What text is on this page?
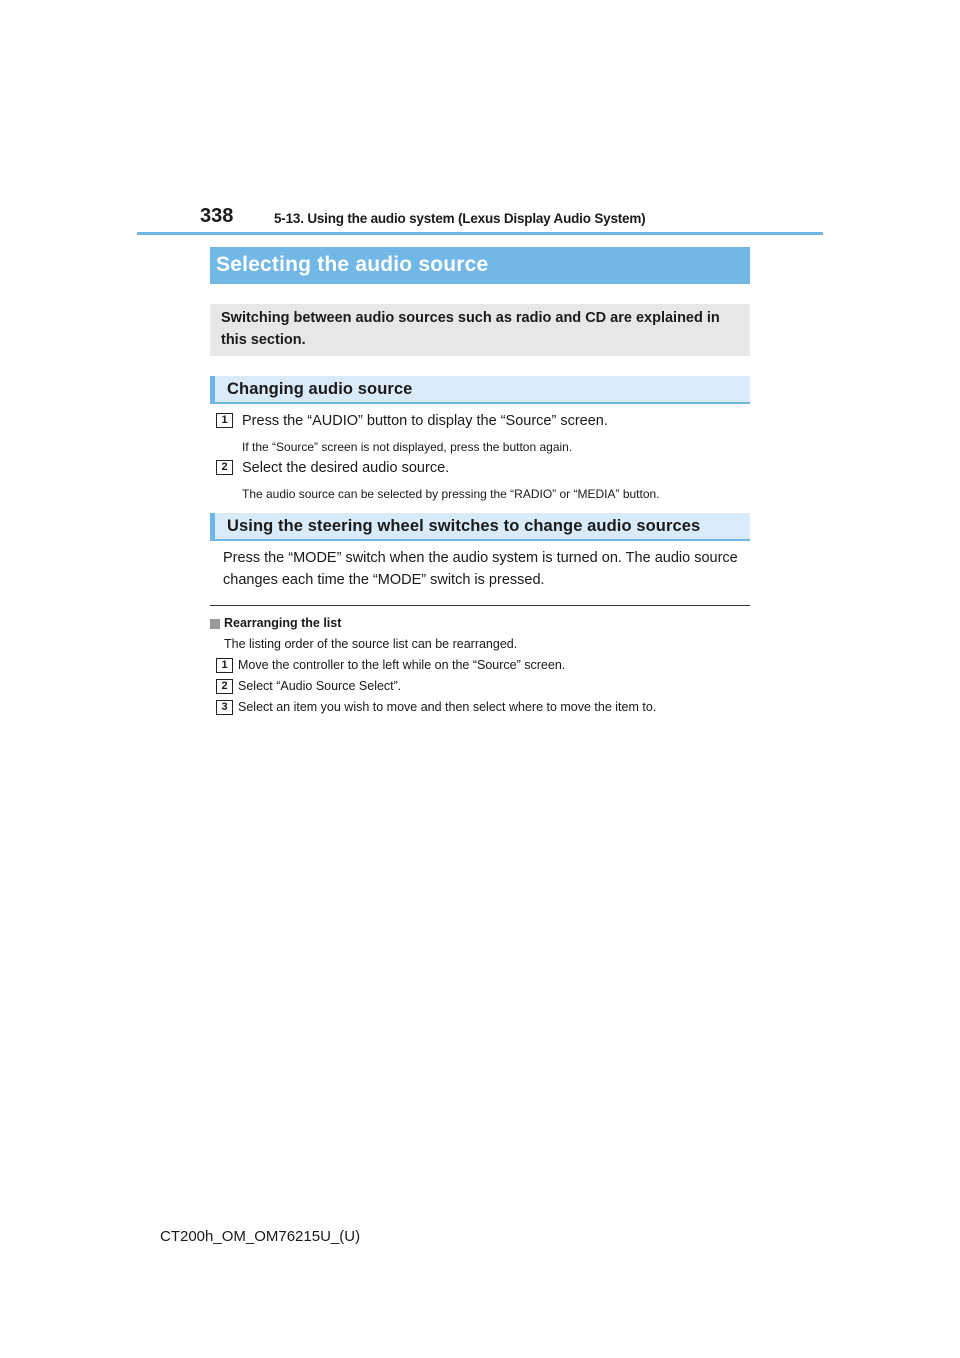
338	5-13. Using the audio system (Lexus Display Audio System)
Selecting the audio source
Switching between audio sources such as radio and CD are explained in this section.
Changing audio source
1 Press the “AUDIO” button to display the “Source” screen.
If the “Source” screen is not displayed, press the button again.
2 Select the desired audio source.
The audio source can be selected by pressing the “RADIO” or “MEDIA” button.
Using the steering wheel switches to change audio sources
Press the “MODE” switch when the audio system is turned on. The audio source changes each time the “MODE” switch is pressed.
Rearranging the list
The listing order of the source list can be rearranged.
1 Move the controller to the left while on the “Source” screen.
2 Select “Audio Source Select”.
3 Select an item you wish to move and then select where to move the item to.
CT200h_OM_OM76215U_(U)
